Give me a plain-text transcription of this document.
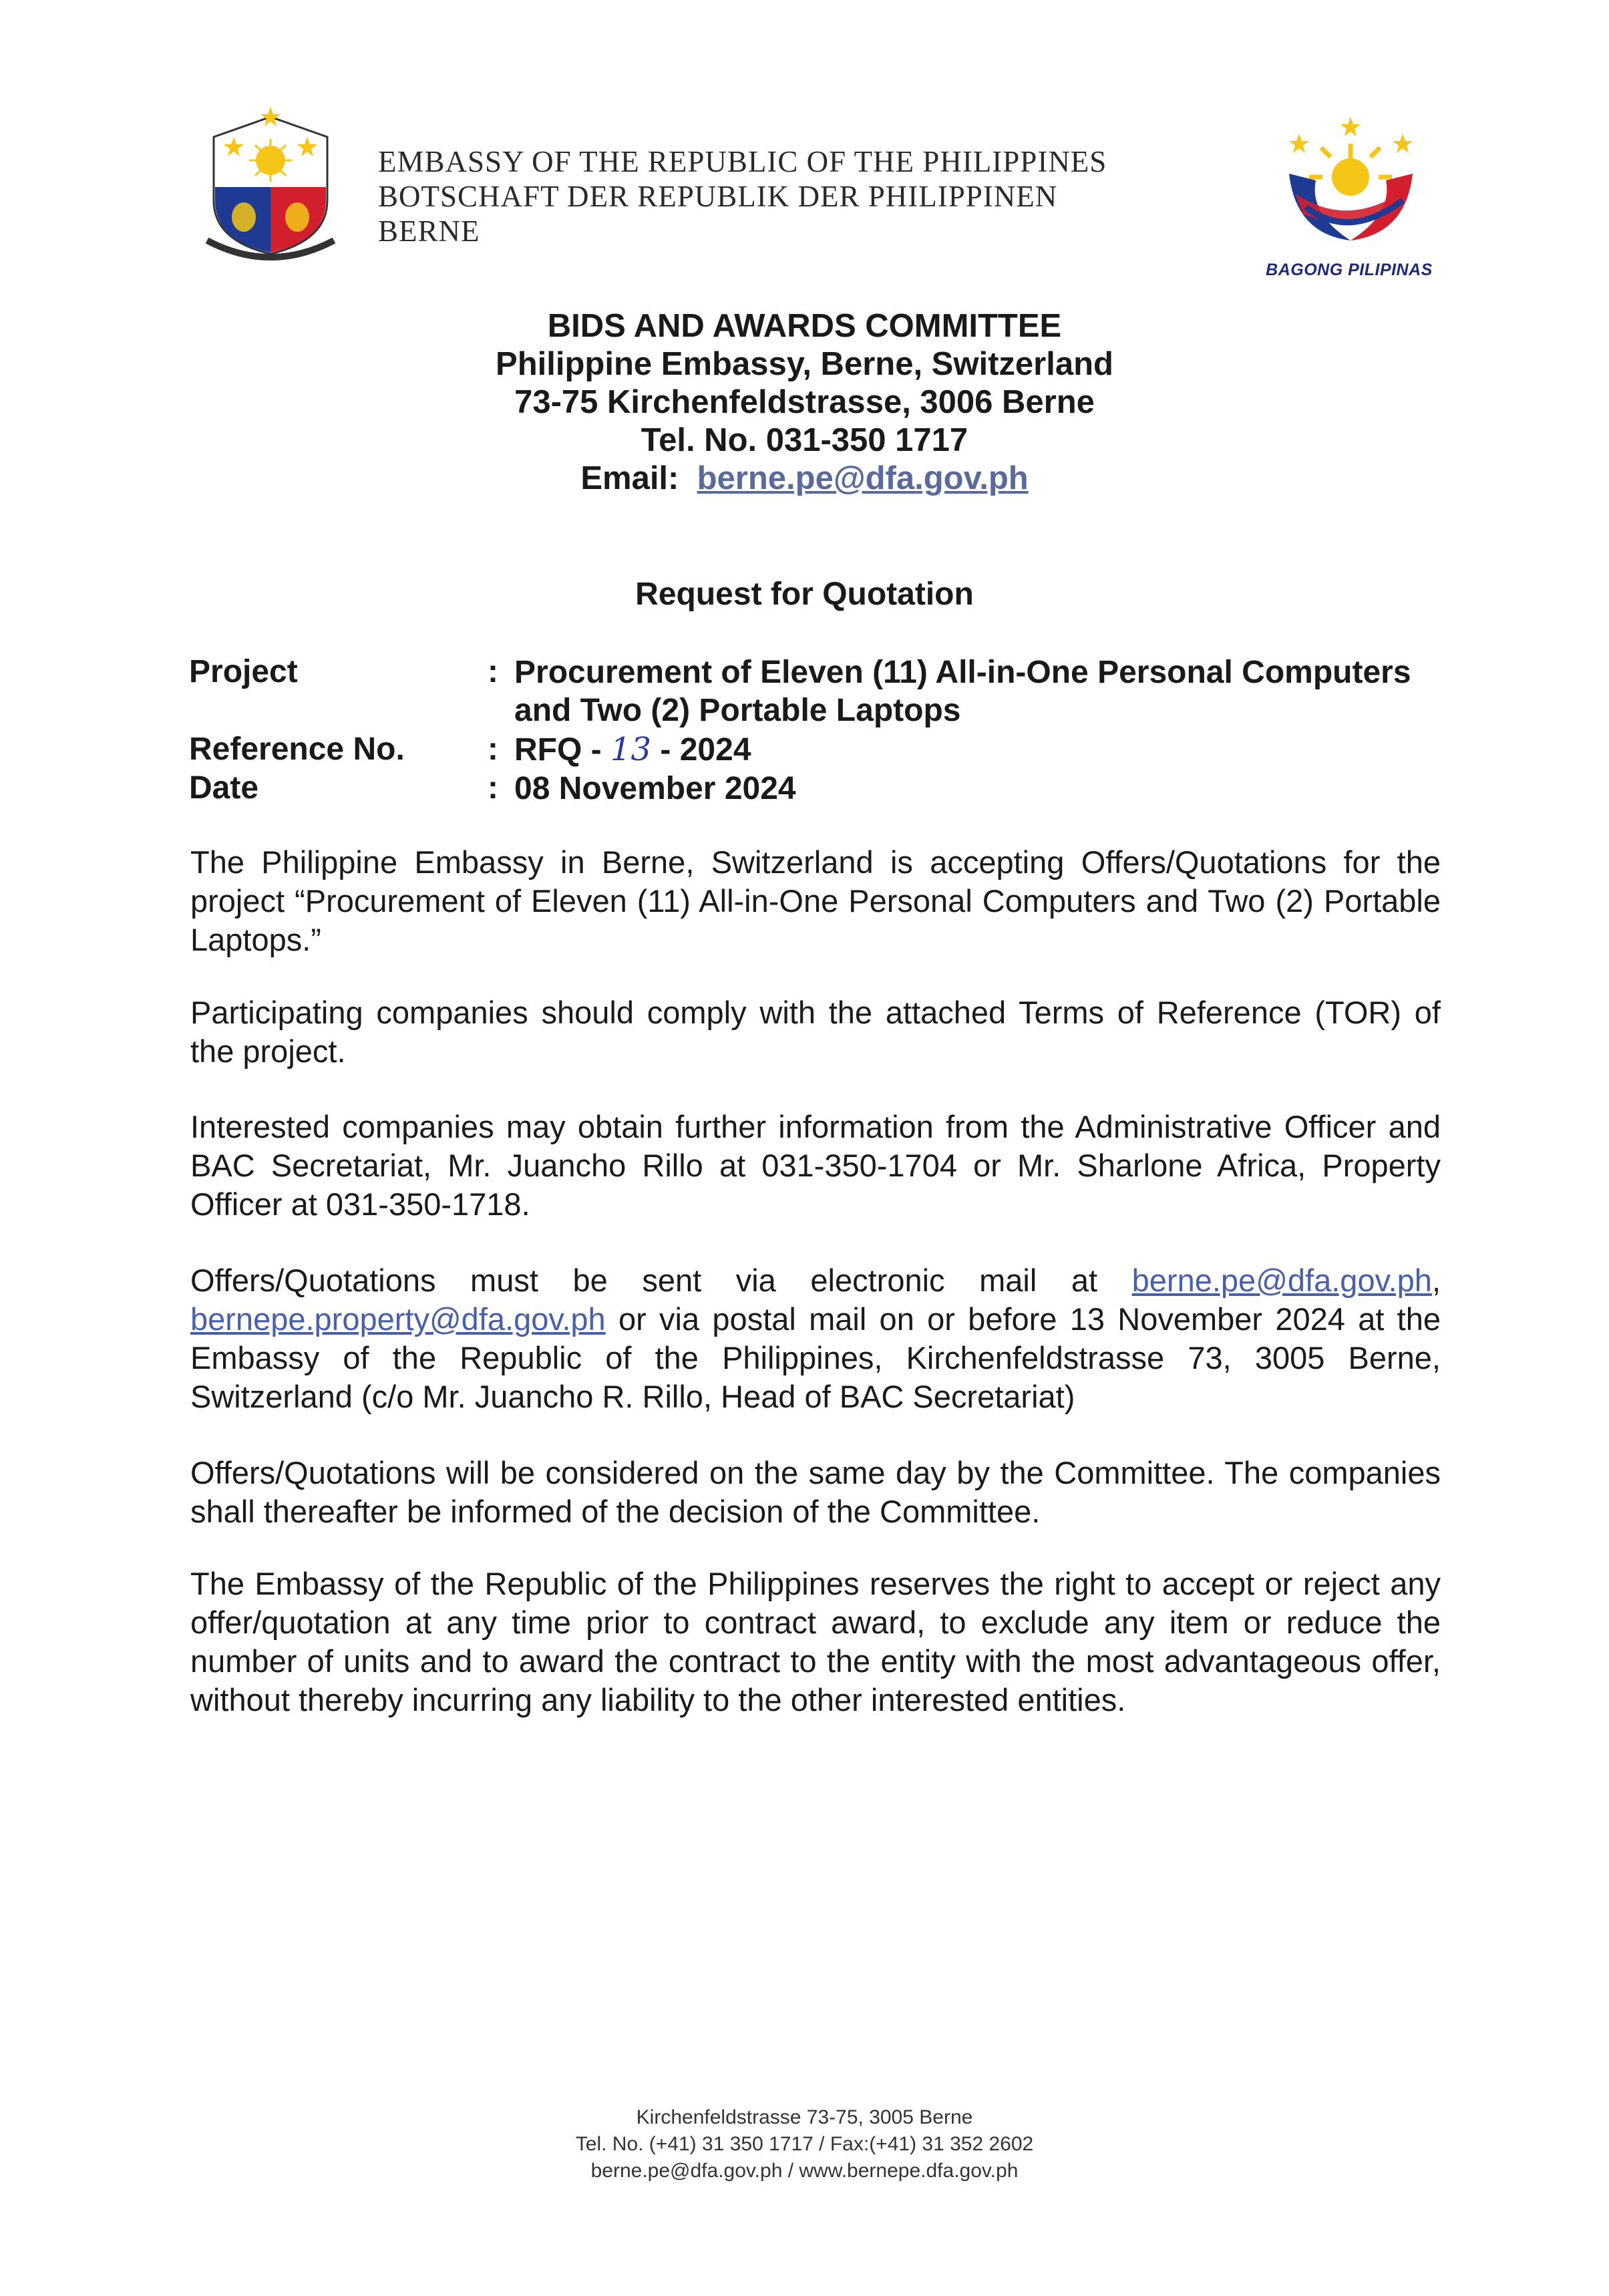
EMBASSY OF THE REPUBLIC OF THE PHILIPPINES
BOTSCHAFT DER REPUBLIK DER PHILIPPINEN
BERNE
BAGONG PILIPINAS
BIDS AND AWARDS COMMITTEE
Philippine Embassy, Berne, Switzerland
73-75 Kirchenfeldstrasse, 3006 Berne
Tel. No. 031-350 1717
Email: berne.pe@dfa.gov.ph
Request for Quotation
Project	: Procurement of Eleven (11) All-in-One Personal Computers
and Two (2) Portable Laptops
Reference No.	: RFQ - 13 - 2024
Date	: 08 November 2024
The Philippine Embassy in Berne, Switzerland is accepting Offers/Quotations for the project “Procurement of Eleven (11) All-in-One Personal Computers and Two (2) Portable Laptops.”
Participating companies should comply with the attached Terms of Reference (TOR) of the project.
Interested companies may obtain further information from the Administrative Officer and BAC Secretariat, Mr. Juancho Rillo at 031-350-1704 or Mr. Sharlone Africa, Property Officer at 031-350-1718.
Offers/Quotations must be sent via electronic mail at berne.pe@dfa.gov.ph, bernepe.property@dfa.gov.ph or via postal mail on or before 13 November 2024 at the Embassy of the Republic of the Philippines, Kirchenfeldstrasse 73, 3005 Berne, Switzerland (c/o Mr. Juancho R. Rillo, Head of BAC Secretariat)
Offers/Quotations will be considered on the same day by the Committee. The companies shall thereafter be informed of the decision of the Committee.
The Embassy of the Republic of the Philippines reserves the right to accept or reject any offer/quotation at any time prior to contract award, to exclude any item or reduce the number of units and to award the contract to the entity with the most advantageous offer, without thereby incurring any liability to the other interested entities.
Kirchenfeldstrasse 73-75, 3005 Berne
Tel. No. (+41) 31 350 1717 / Fax:(+41) 31 352 2602
berne.pe@dfa.gov.ph / www.bernepe.dfa.gov.ph
